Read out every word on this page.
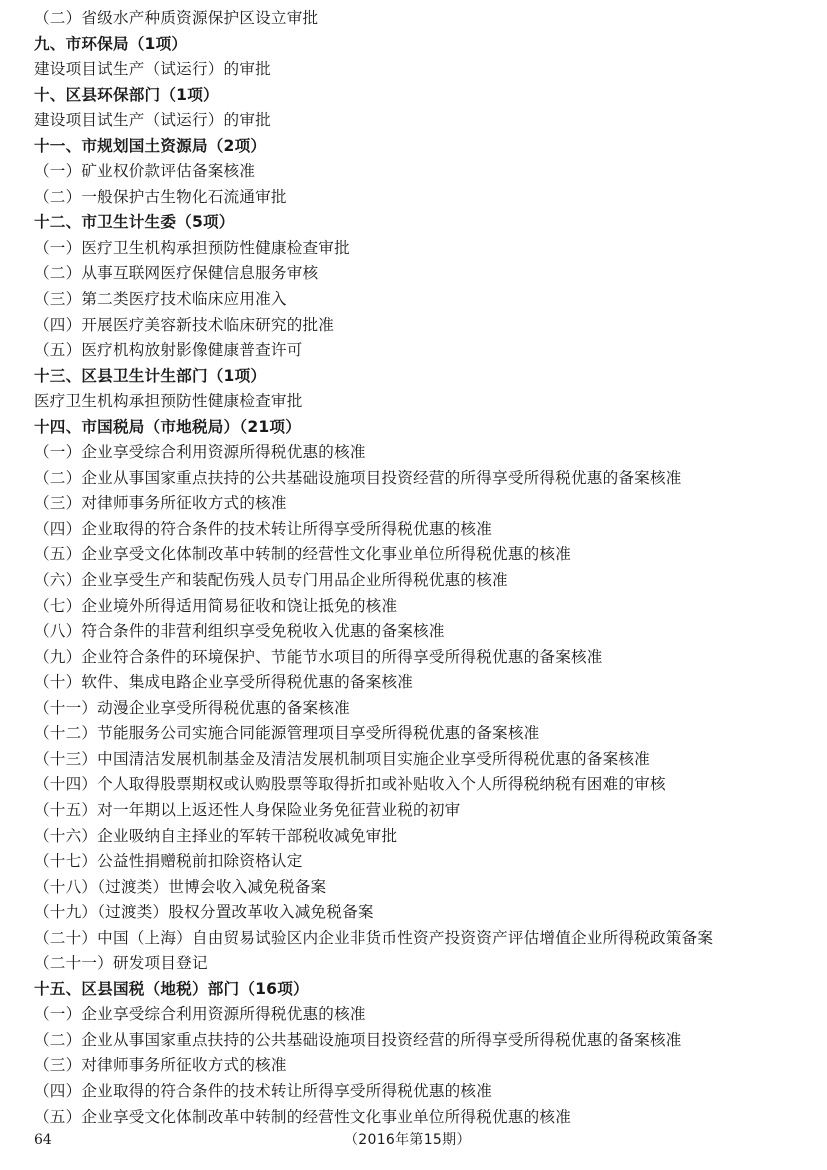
（二）省级水产种质资源保护区设立审批
九、市环保局（1项）
建设项目试生产（试运行）的审批
十、区县环保部门（1项）
建设项目试生产（试运行）的审批
十一、市规划国土资源局（2项）
（一）矿业权价款评估备案核准
（二）一般保护古生物化石流通审批
十二、市卫生计生委（5项）
（一）医疗卫生机构承担预防性健康检查审批
（二）从事互联网医疗保健信息服务审核
（三）第二类医疗技术临床应用准入
（四）开展医疗美容新技术临床研究的批准
（五）医疗机构放射影像健康普查许可
十三、区县卫生计生部门（1项）
医疗卫生机构承担预防性健康检查审批
十四、市国税局（市地税局）（21项）
（一）企业享受综合利用资源所得税优惠的核准
（二）企业从事国家重点扶持的公共基础设施项目投资经营的所得享受所得税优惠的备案核准
（三）对律师事务所征收方式的核准
（四）企业取得的符合条件的技术转让所得享受所得税优惠的核准
（五）企业享受文化体制改革中转制的经营性文化事业单位所得税优惠的核准
（六）企业享受生产和装配伤残人员专门用品企业所得税优惠的核准
（七）企业境外所得适用简易征收和饶让抵免的核准
（八）符合条件的非营利组织享受免税收入优惠的备案核准
（九）企业符合条件的环境保护、节能节水项目的所得享受所得税优惠的备案核准
（十）软件、集成电路企业享受所得税优惠的备案核准
（十一）动漫企业享受所得税优惠的备案核准
（十二）节能服务公司实施合同能源管理项目享受所得税优惠的备案核准
（十三）中国清洁发展机制基金及清洁发展机制项目实施企业享受所得税优惠的备案核准
（十四）个人取得股票期权或认购股票等取得折扣或补贴收入个人所得税纳税有困难的审核
（十五）对一年期以上返还性人身保险业务免征营业税的初审
（十六）企业吸纳自主择业的军转干部税收减免审批
（十七）公益性捐赠税前扣除资格认定
（十八）（过渡类）世博会收入减免税备案
（十九）（过渡类）股权分置改革收入减免税备案
（二十）中国（上海）自由贸易试验区内企业非货币性资产投资资产评估增值企业所得税政策备案
（二十一）研发项目登记
十五、区县国税（地税）部门（16项）
（一）企业享受综合利用资源所得税优惠的核准
（二）企业从事国家重点扶持的公共基础设施项目投资经营的所得享受所得税优惠的备案核准
（三）对律师事务所征收方式的核准
（四）企业取得的符合条件的技术转让所得享受所得税优惠的核准
（五）企业享受文化体制改革中转制的经营性文化事业单位所得税优惠的核准
64	（2016年第15期）
